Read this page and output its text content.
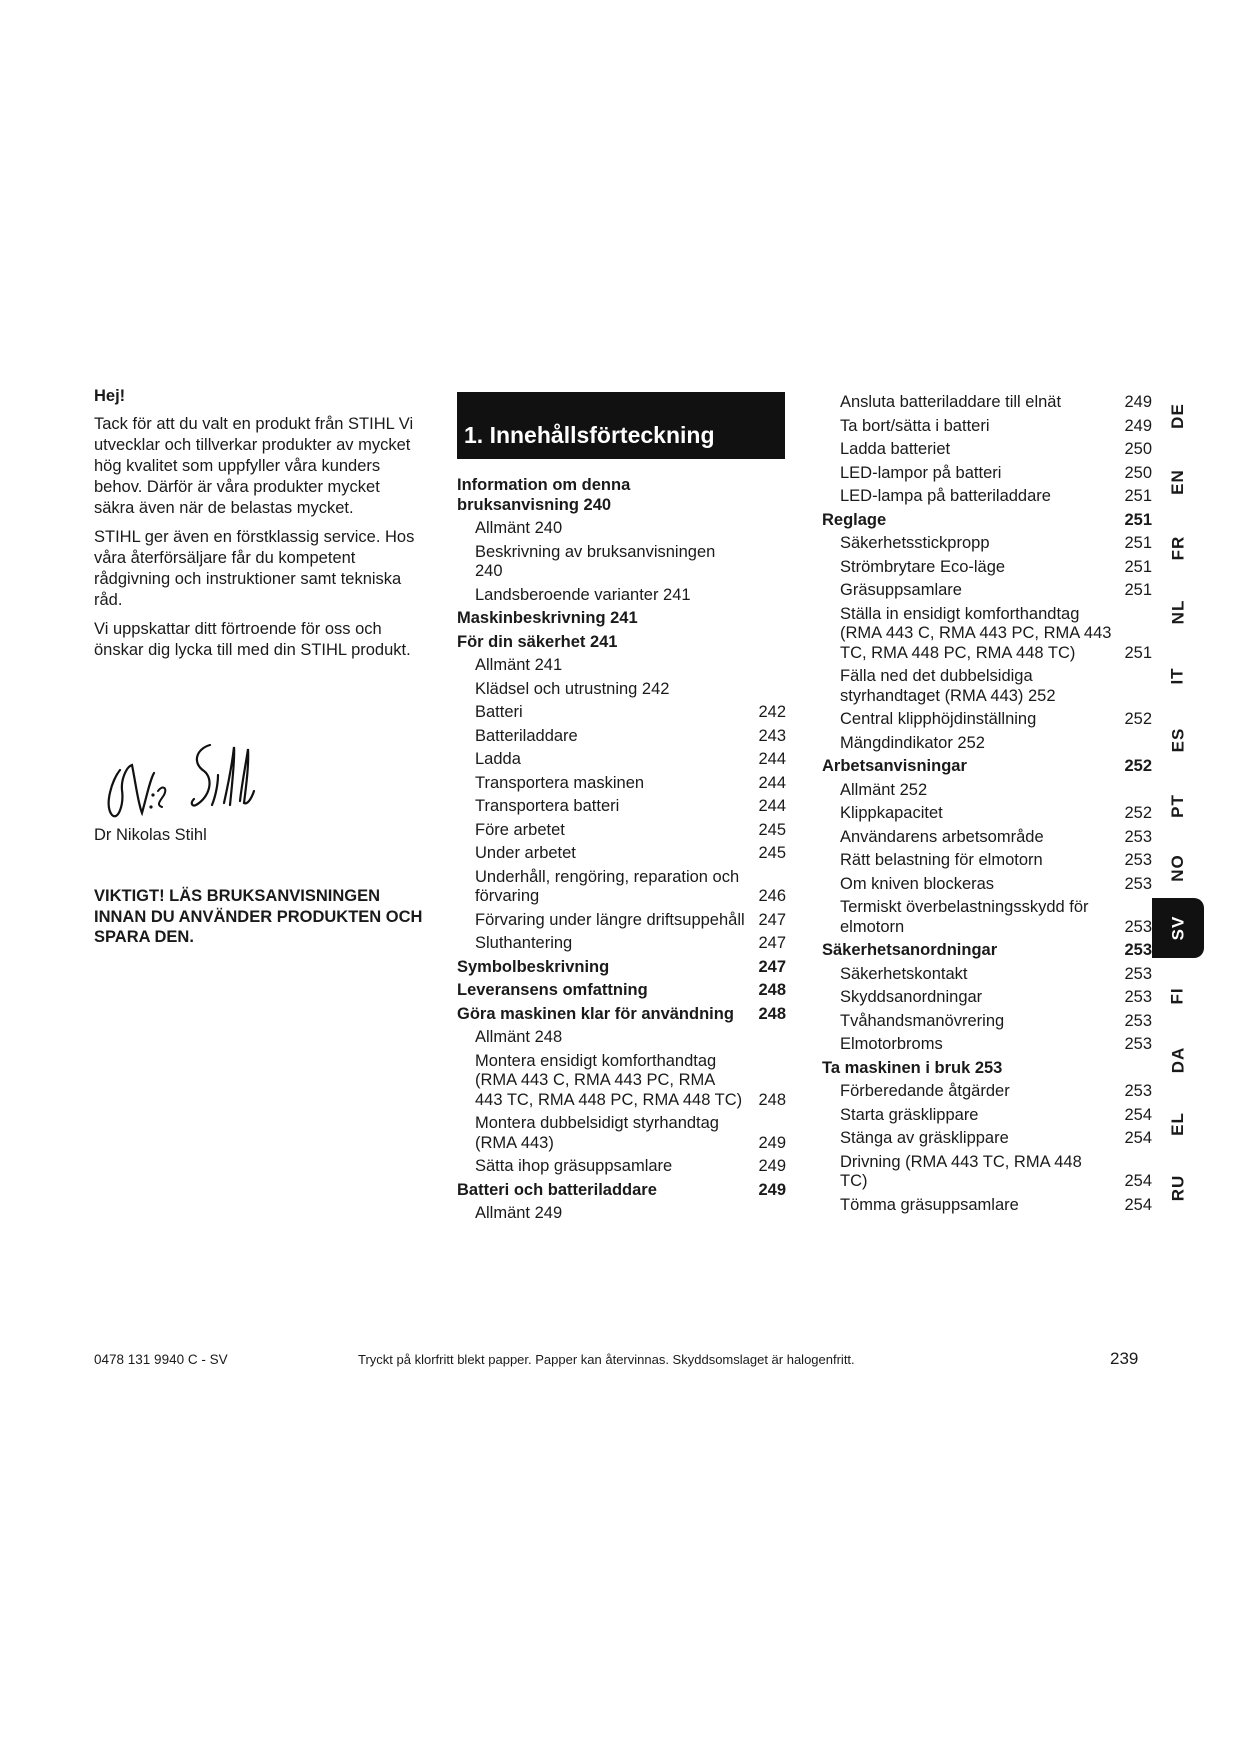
Hej!

Tack för att du valt en produkt från STIHL Vi utvecklar och tillverkar produkter av mycket hög kvalitet som uppfyller våra kunders behov. Därför är våra produkter mycket säkra även när de belastas mycket.

STIHL ger även en förstklassig service. Hos våra återförsäljare får du kompetent rådgivning och instruktioner samt tekniska råd.

Vi uppskattar ditt förtroende för oss och önskar dig lycka till med din STIHL produkt.

Dr Nikolas Stihl
VIKTIGT! LÄS BRUKSANVISNINGEN INNAN DU ANVÄNDER PRODUKTEN OCH SPARA DEN.
1. Innehållsförteckning
Information om denna bruksanvisning 240
Allmänt 240
Beskrivning av bruksanvisningen 240
Landsberoende varianter 241
Maskinbeskrivning 241
För din säkerhet 241
Allmänt 241
Klädsel och utrustning 242
Batteri	242
Batteriladdare	243
Ladda	244
Transportera maskinen	244
Transportera batteri	244
Före arbetet	245
Under arbetet	245
Underhåll, rengöring, reparation och förvaring	246
Förvaring under längre driftsuppehåll 247
Sluthantering	247
Symbolbeskrivning	247
Leveransens omfattning	248
Göra maskinen klar för användning	248
Allmänt 248
Montera ensidigt komforthandtag (RMA 443 C, RMA 443 PC, RMA 443 TC, RMA 448 PC, RMA 448 TC) 248
Montera dubbelsidigt styrhandtag (RMA 443)	249
Sätta ihop gräsuppsamlare	249
Batteri och batteriladdare	249
Allmänt 249
Ansluta batteriladdare till elnät	249
Ta bort/sätta i batteri	249
Ladda batteriet	250
LED-lampor på batteri	250
LED-lampa på batteriladdare	251
Reglage	251
Säkerhetsstickpropp	251
Strömbrytare Eco-läge	251
Gräsuppsamlare	251
Ställa in ensidigt komforthandtag (RMA 443 C, RMA 443 PC, RMA 443 TC, RMA 448 PC, RMA 448 TC)	251
Fälla ned det dubbelsidiga styrhandtaget (RMA 443) 252
Central klipphöjdinställning	252
Mängdindikator 252
Arbetsanvisningar	252
Allmänt 252
Klippkapacitet	252
Användarens arbetsområde	253
Rätt belastning för elmotorn	253
Om kniven blockeras	253
Termiskt överbelastningsskydd för elmotorn	253
Säkerhetsanordningar	253
Säkerhetskontakt	253
Skyddsanordningar	253
Tvåhandsmanövrering	253
Elmotorbroms	253
Ta maskinen i bruk 253
Förberedande åtgärder	253
Starta gräsklippare	254
Stänga av gräsklippare	254
Drivning (RMA 443 TC, RMA 448 TC)	254
Tömma gräsuppsamlare	254
DE
EN
FR
NL
IT
ES
PT
NO
SV
FI
DA
EL
RU
0478 131 9940 C - SV	Tryckt på klorfritt blekt papper. Papper kan återvinnas. Skyddsomslaget är halogenfritt.	239
